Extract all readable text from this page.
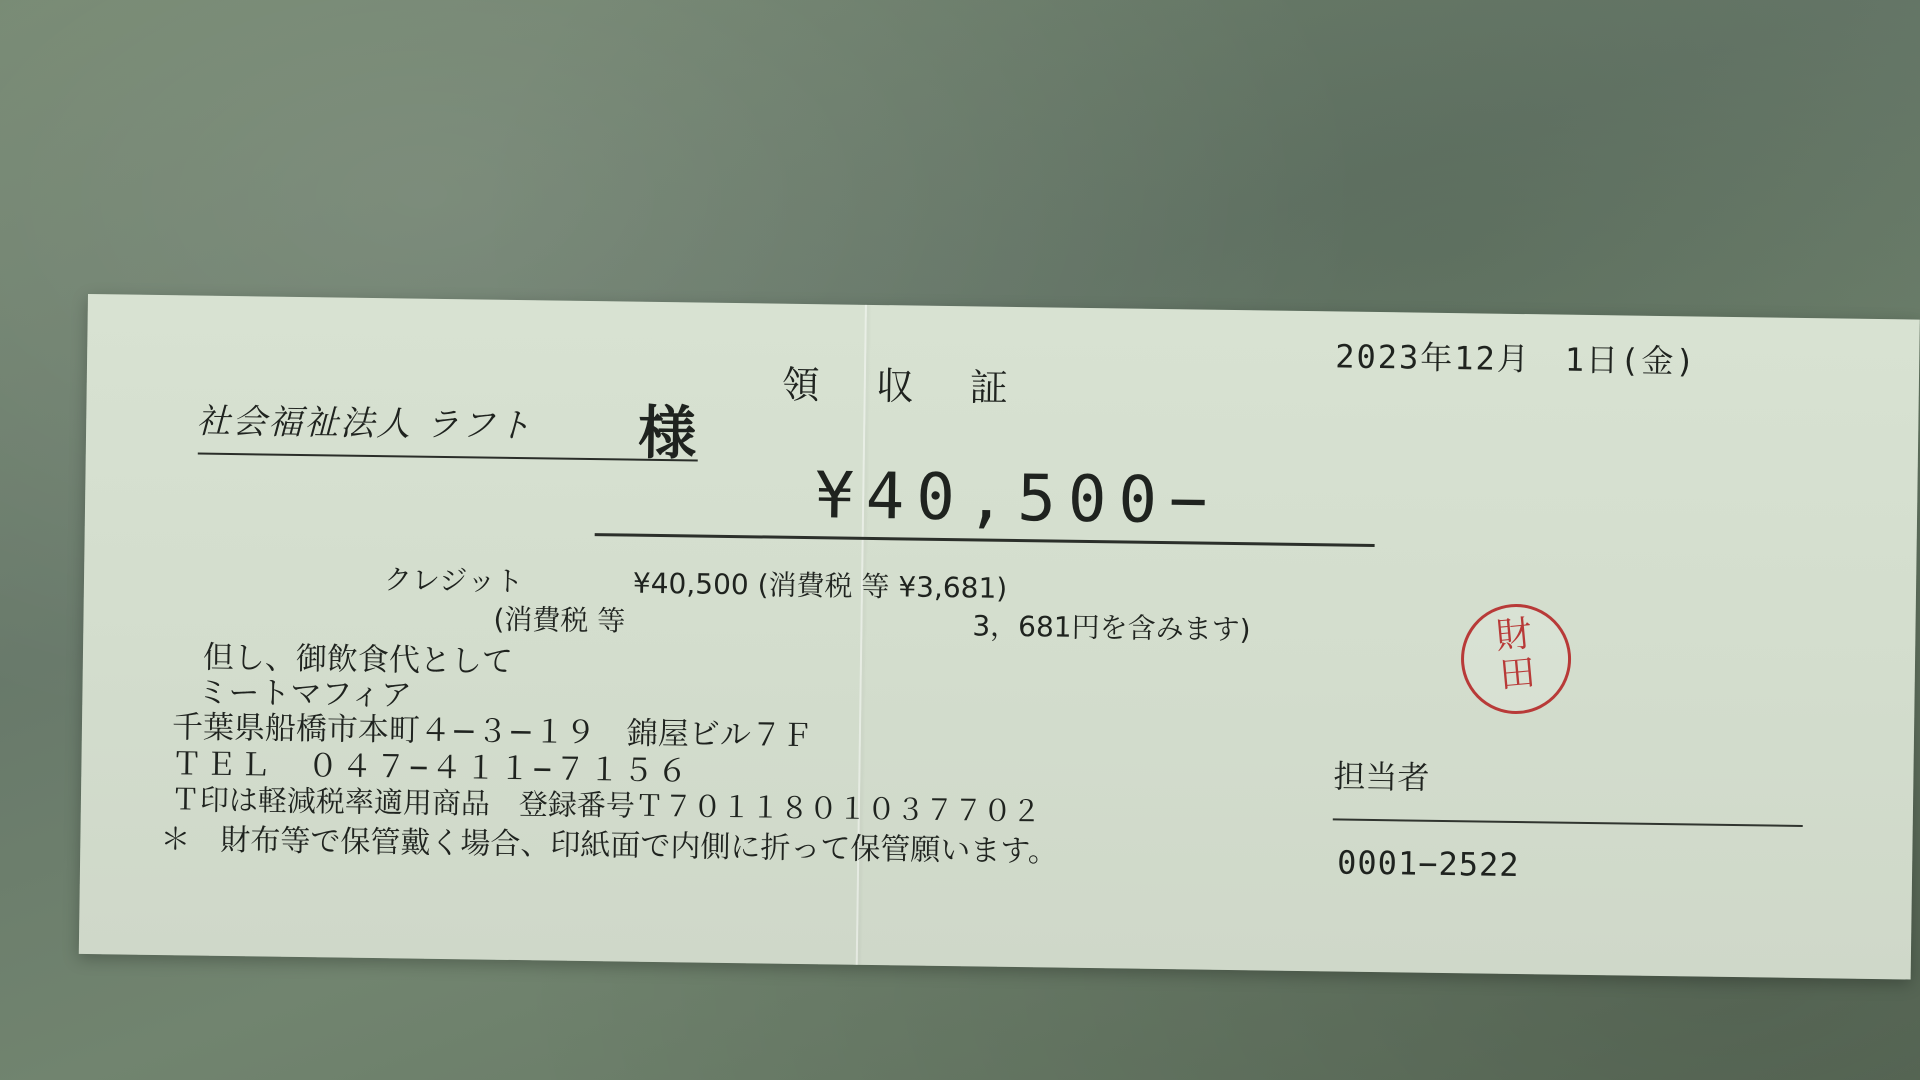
2023年12月　1日(金)
領収証
社会福祉法人 ラフト 様
¥40,500−
クレジット	¥40,500 (消費税 等 ¥3,681)
(消費税 等	3，681円を含みます)
但し、御飲食代として
ミートマフィア
千葉県船橋市本町４−３−１９　錦屋ビル７Ｆ
ＴＥＬ　０４７−４１１−７１５６
Ｔ印は軽減税率適用商品　登録番号Ｔ７０１１８０１０３７７０２
＊　財布等で保管戴く場合、印紙面で内側に折って保管願います。
財
田
担当者
0001−2522
